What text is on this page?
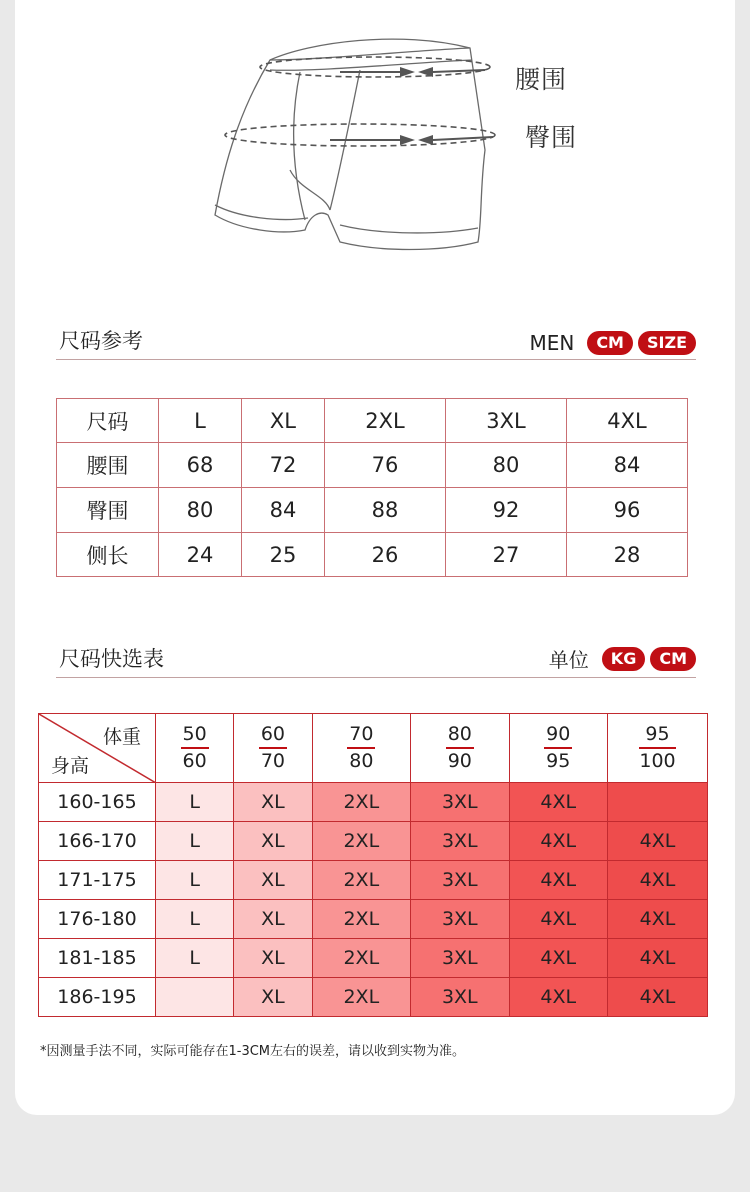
腰围
臀围
尺码参考	MEN	CM	SIZE
尺码	L	XL	2XL	3XL	4XL
腰围	68	72	76	80	84
臀围	80	84	88	92	96
侧长	24	25	26	27	28
尺码快选表	单位	KG	CM
体重
身高	$\frac{50}{60}$	$\frac{60}{70}$	$\frac{70}{80}$	$\frac{80}{90}$	$\frac{90}{95}$	$\frac{95}{100}$

160-165	L	XL	2XL	3XL	4XL	
166-170	L	XL	2XL	3XL	4XL	4XL
171-175	L	XL	2XL	3XL	4XL	4XL
176-180	L	XL	2XL	3XL	4XL	4XL
181-185	L	XL	2XL	3XL	4XL	4XL
186-195		XL	2XL	3XL	4XL	4XL
*因测量手法不同，实际可能存在1-3CM左右的误差，请以收到实物为准。
